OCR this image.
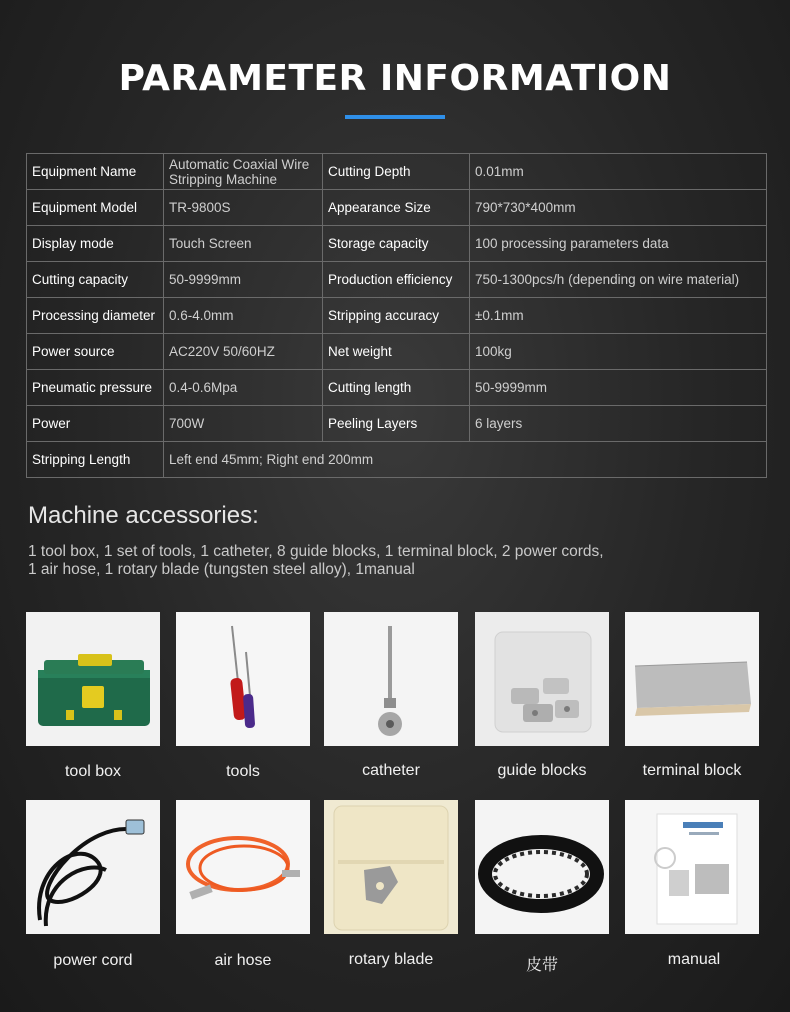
PARAMETER INFORMATION
Equipment Name	Automatic Coaxial Wire Stripping Machine	Cutting Depth	0.01mm
Equipment Model	TR-9800S	Appearance Size	790*730*400mm
Display mode	Touch Screen	Storage capacity	100 processing parameters data
Cutting capacity	50-9999mm	Production efficiency	750-1300pcs/h (depending on wire material)
Processing diameter	0.6-4.0mm	Stripping accuracy	±0.1mm
Power source	AC220V 50/60HZ	Net weight	100kg
Pneumatic pressure	0.4-0.6Mpa	Cutting length	50-9999mm
Power	700W	Peeling Layers	6 layers
Stripping Length	Left end 45mm; Right end 200mm		
Machine accessories:
1 tool box, 1 set of tools, 1 catheter, 8 guide blocks, 1 terminal block, 2 power cords,
1 air hose, 1 rotary blade (tungsten steel alloy), 1manual
tool box	tools	catheter	guide blocks	terminal block
power cord	air hose	rotary blade	皮带	manual
